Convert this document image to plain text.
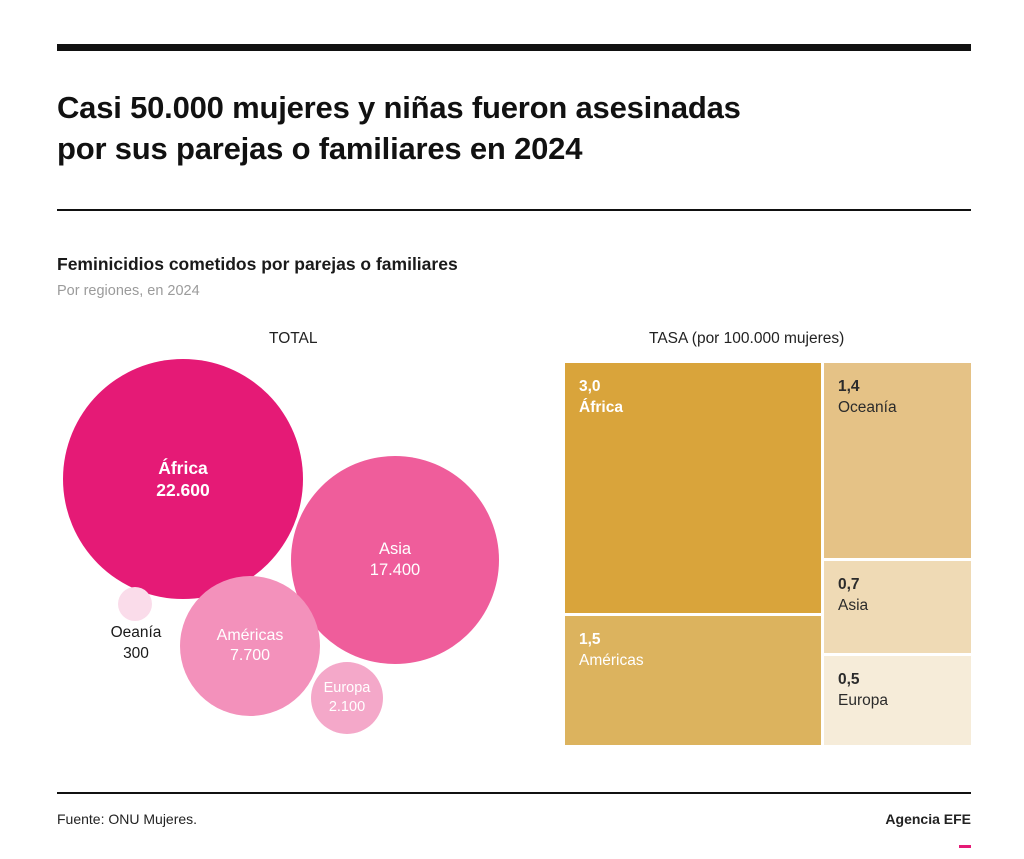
Casi 50.000 mujeres y niñas fueron asesinadas
por sus parejas o familiares en 2024
Feminicidios cometidos por parejas o familiares
Por regiones, en 2024
TOTAL	TASA (por 100.000 mujeres)
África
22.600
Asia
17.400
Américas
7.700
Europa
2.100
Oeanía
300
3,0
África
1,5
Américas
1,4
Oceanía
0,7
Asia
0,5
Europa
Fuente: ONU Mujeres.	Agencia EFE
